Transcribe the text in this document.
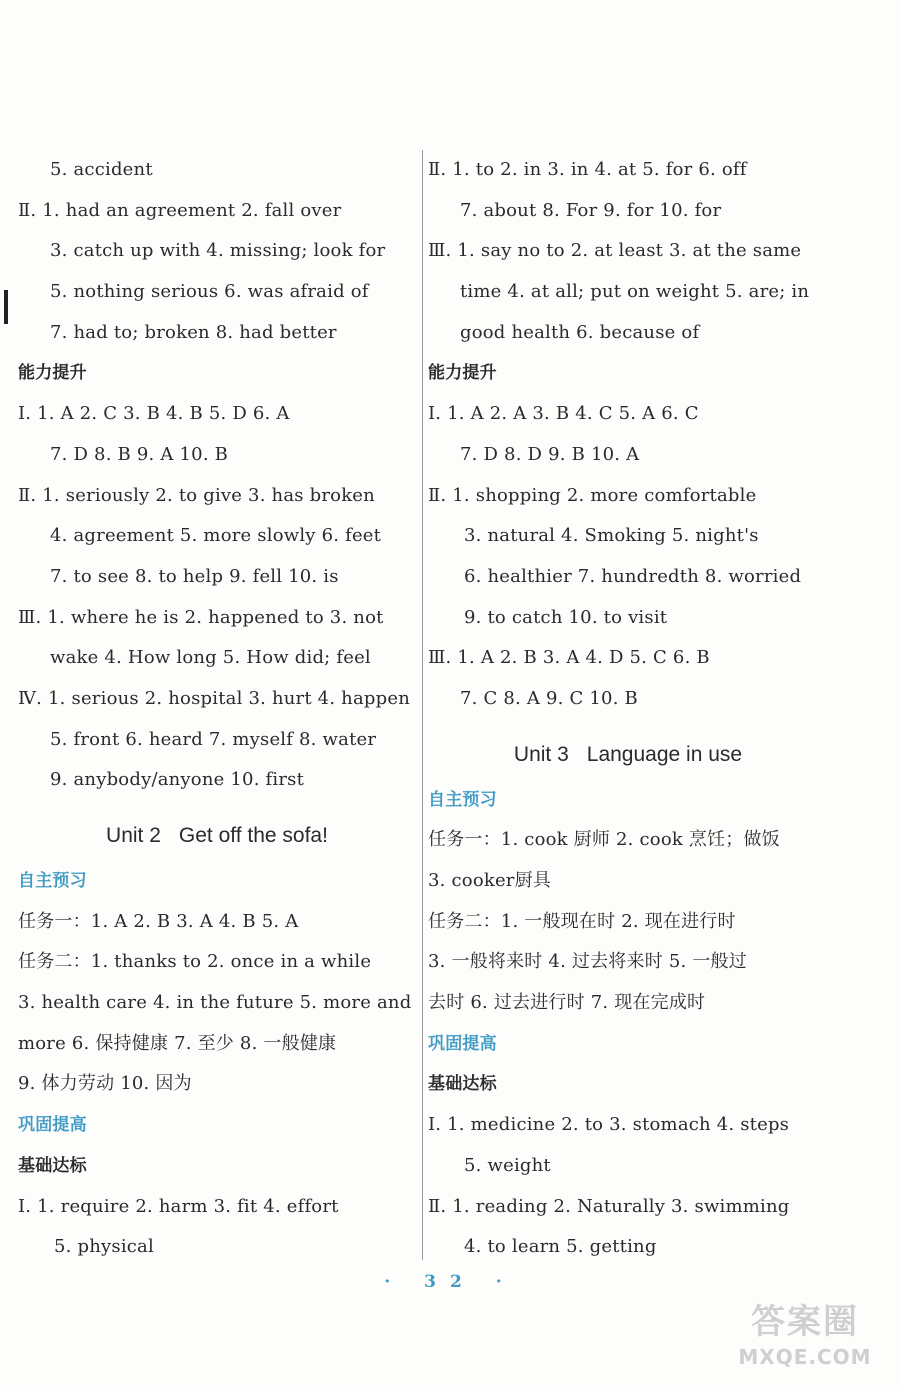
5. accident
Ⅱ. 1. had an agreement 2. fall over
3. catch up with 4. missing; look for
5. nothing serious 6. was afraid of
7. had to; broken 8. had better
能力提升
Ⅰ. 1. A 2. C 3. B 4. B 5. D 6. A
7. D 8. B 9. A 10. B
Ⅱ. 1. seriously 2. to give 3. has broken
4. agreement 5. more slowly 6. feet
7. to see 8. to help 9. fell 10. is
Ⅲ. 1. where he is 2. happened to 3. not
wake 4. How long 5. How did; feel
Ⅳ. 1. serious 2. hospital 3. hurt 4. happen
5. front 6. heard 7. myself 8. water
9. anybody/anyone 10. first
Unit 2 Get off the sofa!
自主预习
任务一：1. A 2. B 3. A 4. B 5. A
任务二：1. thanks to 2. once in a while
3. health care 4. in the future 5. more and
more 6. 保持健康 7. 至少 8. 一般健康
9. 体力劳动 10. 因为
巩固提高
基础达标
Ⅰ. 1. require 2. harm 3. fit 4. effort
5. physical
Ⅱ. 1. to 2. in 3. in 4. at 5. for 6. off
7. about 8. For 9. for 10. for
Ⅲ. 1. say no to 2. at least 3. at the same
time 4. at all; put on weight 5. are; in
good health 6. because of
能力提升
Ⅰ. 1. A 2. A 3. B 4. C 5. A 6. C
7. D 8. D 9. B 10. A
Ⅱ. 1. shopping 2. more comfortable
3. natural 4. Smoking 5. night's
6. healthier 7. hundredth 8. worried
9. to catch 10. to visit
Ⅲ. 1. A 2. B 3. A 4. D 5. C 6. B
7. C 8. A 9. C 10. B
Unit 3 Language in use
自主预习
任务一：1. cook 厨师 2. cook 烹饪；做饭
3. cooker厨具
任务二：1. 一般现在时 2. 现在进行时
3. 一般将来时 4. 过去将来时 5. 一般过
去时 6. 过去进行时 7. 现在完成时
巩固提高
基础达标
Ⅰ. 1. medicine 2. to 3. stomach 4. steps
5. weight
Ⅱ. 1. reading 2. Naturally 3. swimming
4. to learn 5. getting
· 32 ·
答案圈
MXQE.COM
